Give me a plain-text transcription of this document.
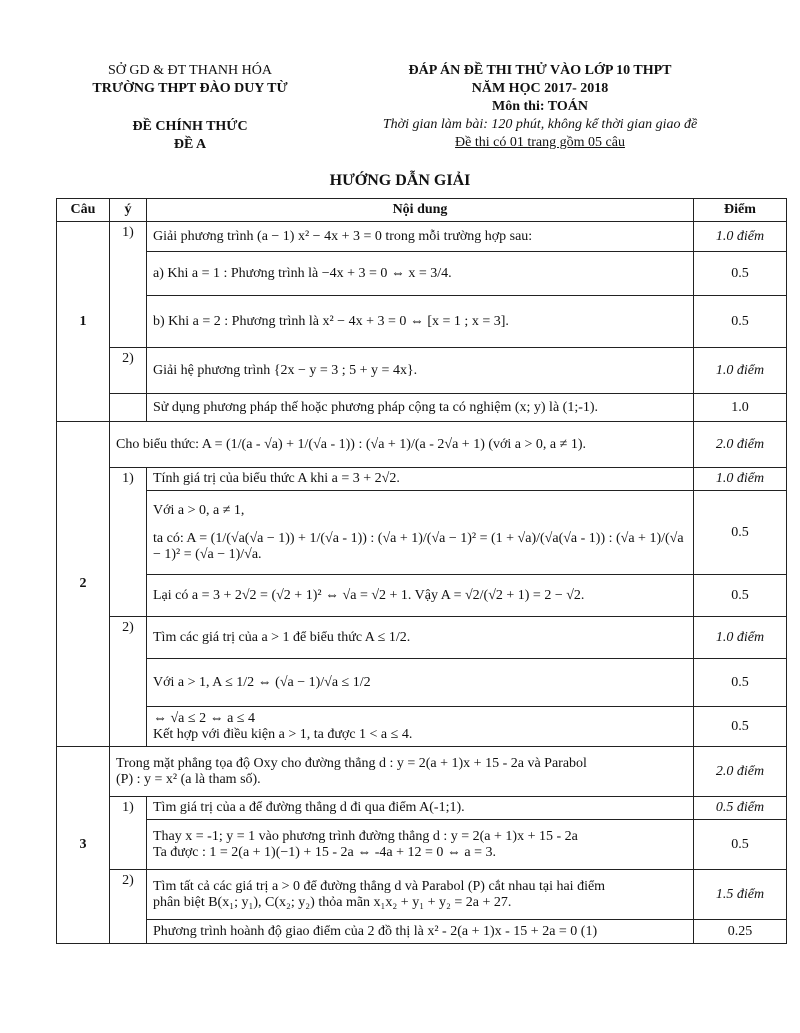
SỞ GD & ĐT THANH HÓA
TRƯỜNG THPT ĐÀO DUY TỪ
ĐỀ CHÍNH THỨC
ĐỀ A
ĐÁP ÁN ĐỀ THI THỬ VÀO LỚP 10 THPT
NĂM HỌC 2017- 2018
Môn thi: TOÁN
Thời gian làm bài: 120 phút, không kể thời gian giao đề
Đề thi có 01 trang gồm 05 câu
HƯỚNG DẪN GIẢI
Câu	ý	Nội dung	Điểm
1	1)	Giải phương trình (a − 1) x² − 4x + 3 = 0 trong mỗi trường hợp sau:	1.0 điểm
		a) Khi a = 1 : Phương trình là −4x + 3 = 0 ⇔ x = 3/4.	0.5
		b) Khi a = 2 : Phương trình là x² − 4x + 3 = 0 ⇔ [x = 1 ; x = 3].	0.5
	2)	Giải hệ phương trình {2x − y = 3 ; 5 + y = 4x}.	1.0 điểm
		Sử dụng phương pháp thế hoặc phương pháp cộng ta có nghiệm (x; y) là (1;-1).	1.0
2	Cho biểu thức: A = (1/(a - √a) + 1/(√a - 1)) : (√a + 1)/(a - 2√a + 1) (với a > 0, a ≠ 1).		2.0 điểm
	1)	Tính giá trị của biểu thức A khi a = 3 + 2√2.	1.0 điểm

		Với a > 0, a ≠ 1,
ta có: A = (1/(√a(√a − 1)) + 1/(√a - 1)) : (√a + 1)/(√a − 1)² = (1 + √a)/(√a(√a - 1)) : (√a + 1)/(√a − 1)² = (√a − 1)/√a.	0.5
		Lại có a = 3 + 2√2 = (√2 + 1)² ⇔ √a = √2 + 1. Vậy A = √2/(√2 + 1) = 2 − √2.	0.5
	2)	Tìm các giá trị của a > 1 để biểu thức A ≤ 1/2.	1.0 điểm
		Với a > 1, A ≤ 1/2 ⇔ (√a − 1)/√a ≤ 1/2	0.5

		⇔ √a ≤ 2 ⇔ a ≤ 4
Kết hợp với điều kiện a > 1, ta được 1 < a ≤ 4.	0.5
3	Trong mặt phẳng tọa độ Oxy cho đường thẳng d : y = 2(a + 1)x + 15 - 2a và Parabol
(P) : y = x² (a là tham số).		2.0 điểm
	1)	Tìm giá trị của a để đường thẳng d đi qua điểm A(-1;1).	0.5 điểm

		Thay x = -1; y = 1 vào phương trình đường thẳng d : y = 2(a + 1)x + 15 - 2a
Ta được : 1 = 2(a + 1)(−1) + 15 - 2a ⇔ -4a + 12 = 0 ⇔ a = 3.	0.5
	2)	Tìm tất cả các giá trị a > 0 để đường thẳng d và Parabol (P) cắt nhau tại hai điểm
phân biệt B(x₁; y₁), C(x₂; y₂) thỏa mãn x₁x₂ + y₁ + y₂ = 2a + 27.	1.5 điểm
		Phương trình hoành độ giao điểm của 2 đồ thị là x² - 2(a + 1)x - 15 + 2a = 0 (1)	0.25
